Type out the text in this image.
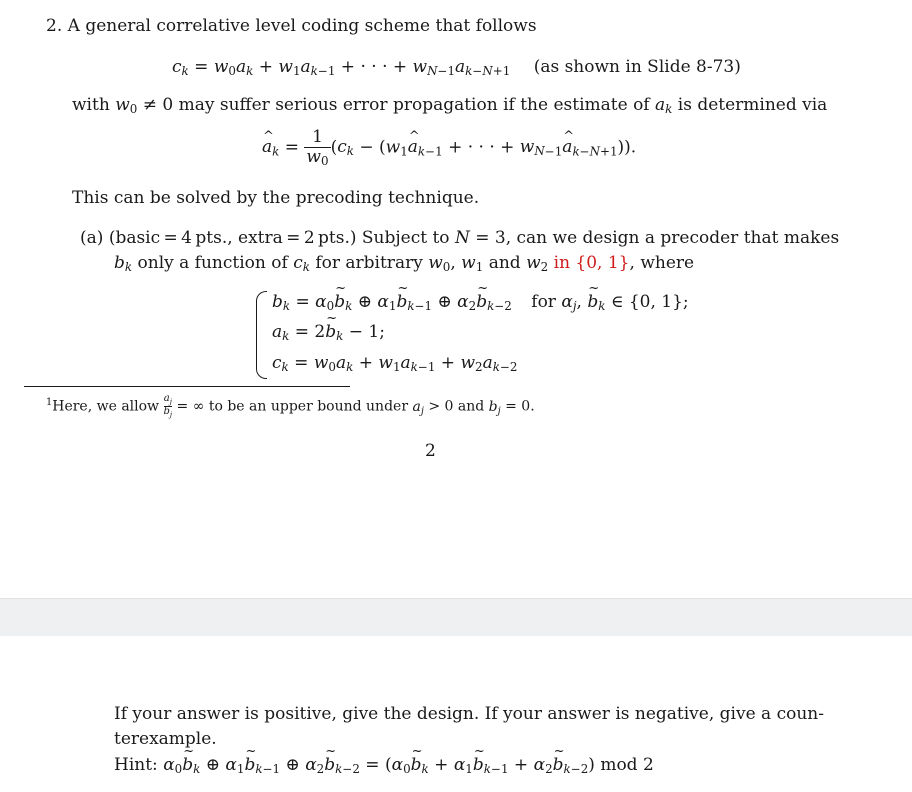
2. A general correlative level coding scheme that follows
$c_k = w_0a_k + w_1a_{k-1}$ + · · · + $w_{N-1}a_{k-N+1}$ (as shown in Slide 8-73)
with $w_0 \ne 0$ may suffer serious error propagation if the estimate of $a_k$ is determined via
^ $a_k = \frac{1}{w_0} (c_k$ − ($w_1\^{}$ $a_{k-1}$ + · · · + $w_{N-1}\^{}$ $a_{k-N+1}$)).
This can be solved by the precoding technique.
(a) (basic = 4 pts., extra = 2 pts.) Subject to N = 3, can we design a precoder that makes
$b_k$ only a function of $c_k$ for arbitrary $w_0$, $w_1$ and $w_2$ in {0, 1}, where
$b_k$ = $\alpha_0\sim$ $b_k$ ⊕ $\alpha_1\sim$ $b_{k-1}$ ⊕ $\alpha_2\sim$ $b_{k-2}$ for $\alpha_j$, ~ $b_k$ ∈ {0, 1};
$a_k$ = 2~ $b_k - 1$;
$c_k = w_0a_k + w_1a_{k-1} + w_2a_{k-2}$
$^1$Here, we allow $\frac{a_j}{b_j}$ = ∞ to be an upper bound under $a_j > 0$ and $b_j = 0$.
2
If your answer is positive, give the design. If your answer is negative, give a coun-
terexample.
Hint: $\alpha_0\sim$ $b_k$ ⊕ $\alpha_1\sim$ $b_{k-1}$ ⊕ $\alpha_2\sim$ $b_{k-2}$ = ($\alpha_0\sim$ $b_k$ + $\alpha_1\sim$ $b_{k-1}$ + $\alpha_2\sim$ $b_{k-2}$) mod 2
